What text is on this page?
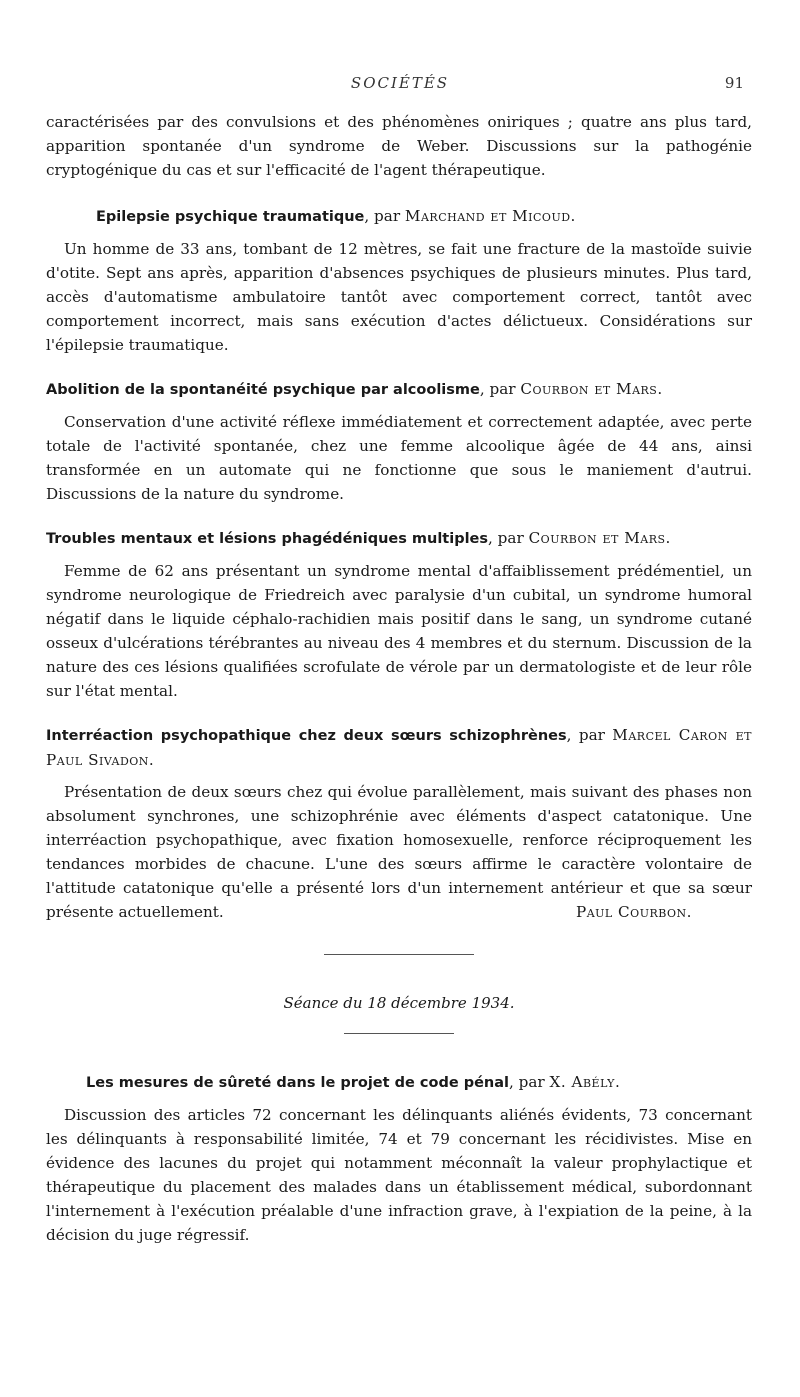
SOCIÉTÉS	91

caractérisées par des convulsions et des phénomènes oniriques ; quatre ans plus tard, apparition spontanée d'un syndrome de Weber. Discussions sur la pathogénie cryptogénique du cas et sur l'efficacité de l'agent thérapeutique.

Epilepsie psychique traumatique, par Marchand et Micoud.

Un homme de 33 ans, tombant de 12 mètres, se fait une fracture de la mastoïde suivie d'otite. Sept ans après, apparition d'absences psychiques de plusieurs minutes. Plus tard, accès d'automatisme ambulatoire tantôt avec comportement correct, tantôt avec comportement incorrect, mais sans exécution d'actes délictueux. Considérations sur l'épilepsie traumatique.

Abolition de la spontanéité psychique par alcoolisme, par Courbon et Mars.

Conservation d'une activité réflexe immédiatement et correctement adaptée, avec perte totale de l'activité spontanée, chez une femme alcoolique âgée de 44 ans, ainsi transformée en un automate qui ne fonctionne que sous le maniement d'autrui. Discussions de la nature du syndrome.

Troubles mentaux et lésions phagédéniques multiples, par Courbon et Mars.

Femme de 62 ans présentant un syndrome mental d'affaiblissement prédémentiel, un syndrome neurologique de Friedreich avec paralysie d'un cubital, un syndrome humoral négatif dans le liquide céphalo-rachidien mais positif dans le sang, un syndrome cutané osseux d'ulcérations térébrantes au niveau des 4 membres et du sternum. Discussion de la nature des ces lésions qualifiées scrofulate de vérole par un dermatologiste et de leur rôle sur l'état mental.

Interréaction psychopathique chez deux sœurs schizophrènes, par Marcel Caron et Paul Sivadon.

Présentation de deux sœurs chez qui évolue parallèlement, mais suivant des phases non absolument synchrones, une schizophrénie avec éléments d'aspect catatonique. Une interréaction psychopathique, avec fixation homosexuelle, renforce réciproquement les tendances morbides de chacune. L'une des sœurs affirme le caractère volontaire de l'attitude catatonique qu'elle a présenté lors d'un internement antérieur et que sa sœur présente actuellement.	Paul Courbon.

Séance du 18 décembre 1934.

Les mesures de sûreté dans le projet de code pénal, par X. Abély.

Discussion des articles 72 concernant les délinquants aliénés évidents, 73 concernant les délinquants à responsabilité limitée, 74 et 79 concernant les récidivistes. Mise en évidence des lacunes du projet qui notamment méconnaît la valeur prophylactique et thérapeutique du placement des malades dans un établissement médical, subordonnant l'internement à l'exécution préalable d'une infraction grave, à l'expiation de la peine, à la décision du juge régressif.
